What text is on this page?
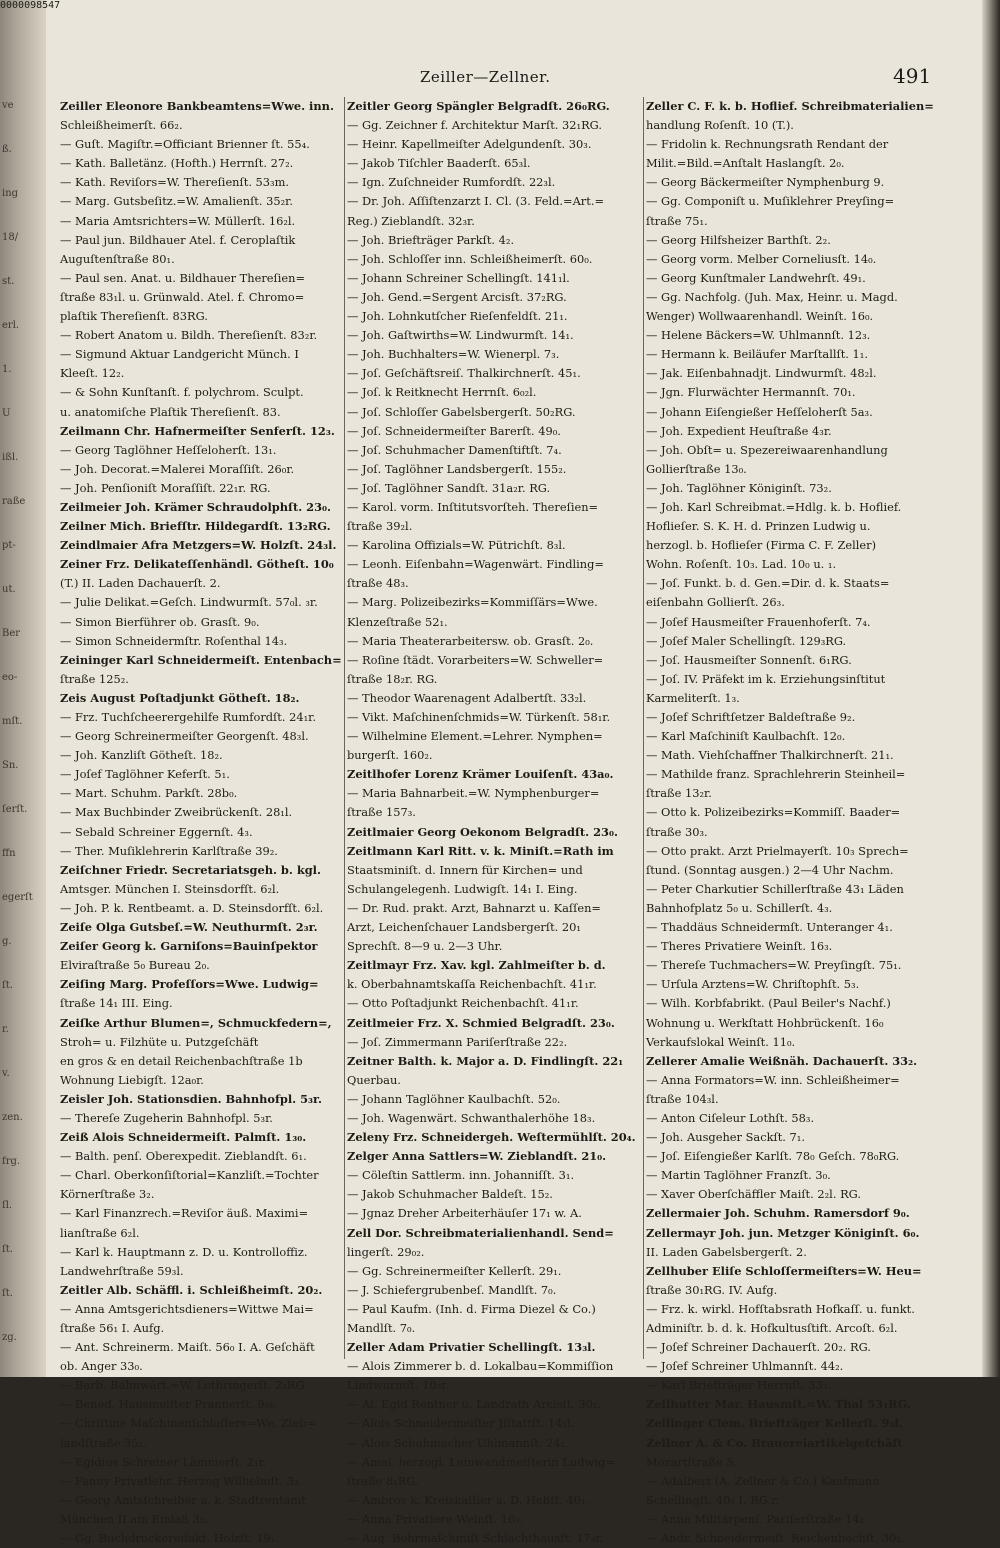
ve
ß.
ing
18/
st.
erl.
1.
U
ißl.
raße
pt-
ut.
Ber
eo-
mſt.
Sn.
ſerſt.
ffn
egerſt
g.
ſt.
r.
v.
zen.
frg.
ſl.
ſt.
ſt.
zg.
0000098547
Zeiller—Zellner.	491
Zeiller Eleonore Bankbeamtens=Wwe. inn.
Schleißheimerſt. 66₂.
— Guſt. Magiſtr.=Officiant Brienner ſt. 55₄.
— Kath. Balletänz. (Hofth.) Herrnſt. 27₂.
— Kath. Reviſors=W. Thereſienſt. 53₃m.
— Marg. Gutsbeſitz.=W. Amalienſt. 35₂r.
— Maria Amtsrichters=W. Müllerſt. 16₂l.
— Paul jun. Bildhauer Atel. f. Ceroplaſtik
Auguſtenſtraße 80₁.
— Paul sen. Anat. u. Bildhauer Thereſien=
ſtraße 83₁l. u. Grünwald. Atel. f. Chromo=
plaſtik Thereſienſt. 83RG.
— Robert Anatom u. Bildh. Thereſienſt. 83₂r.
— Sigmund Aktuar Landgericht Münch. I
Kleeſt. 12₂.
— & Sohn Kunſtanſt. f. polychrom. Sculpt.
u. anatomiſche Plaſtik Thereſienſt. 83.
Zeilmann Chr. Hafnermeiſter Senferſt. 12₃.
— Georg Taglöhner Heſſeloherſt. 13₁.
— Joh. Decorat.=Malerei Moraſſiſt. 26₀r.
— Joh. Penſioniſt Moraſſiſt. 22₁r. RG.
Zeilmeier Joh. Krämer Schraudolphſt. 23₀.
Zeilner Mich. Briefſtr. Hildegardſt. 13₂RG.
Zeindlmaier Afra Metzgers=W. Holzſt. 24₃l.
Zeiner Frz. Delikateſſenhändl. Götheſt. 10₀
(T.) II. Laden Dachauerſt. 2.
— Julie Delikat.=Geſch. Lindwurmſt. 57₀l. ₃r.
— Simon Bierführer ob. Grasſt. 9₀.
— Simon Schneidermſtr. Roſenthal 14₃.
Zeininger Karl Schneidermeiſt. Entenbach=
ſtraße 125₂.
Zeis August Poſtadjunkt Götheſt. 18₂.
— Frz. Tuchſcheerergehilfe Rumfordſt. 24₁r.
— Georg Schreinermeiſter Georgenſt. 48₃l.
— Joh. Kanzliſt Götheſt. 18₂.
— Joſef Taglöhner Keferſt. 5₁.
— Mart. Schuhm. Parkſt. 28b₀.
— Max Buchbinder Zweibrückenſt. 28₁l.
— Sebald Schreiner Eggernſt. 4₃.
— Ther. Muſiklehrerin Karlſtraße 39₂.
Zeiſchner Friedr. Secretariatsgeh. b. kgl.
Amtsger. München I. Steinsdorfſt. 6₂l.
— Joh. P. k. Rentbeamt. a. D. Steinsdorfſt. 6₂l.
Zeiſe Olga Gutsbeſ.=W. Neuthurmſt. 2₃r.
Zeiſer Georg k. Garniſons=Bauinſpektor
Elviraſtraße 5₀ Bureau 2₀.
Zeiſing Marg. Profeſſors=Wwe. Ludwig=
ſtraße 14₁ III. Eing.
Zeiſke Arthur Blumen=, Schmuckfedern=,
Stroh= u. Filzhüte u. Putzgeſchäft
en gros & en detail Reichenbachſtraße 1b
Wohnung Liebigſt. 12a₀r.
Zeisler Joh. Stationsdien. Bahnhofpl. 5₃r.
— Thereſe Zugeherin Bahnhofpl. 5₃r.
Zeiß Alois Schneidermeiſt. Palmſt. 1₃₀.
— Balth. penſ. Oberexpedit. Zieblandſt. 6₁.
— Charl. Oberkonſiſtorial=Kanzliſt.=Tochter
Körnerſtraße 3₂.
— Karl Finanzrech.=Reviſor äuß. Maximi=
lianſtraße 6₂l.
— Karl k. Hauptmann z. D. u. Kontrolloffiz.
Landwehrſtraße 59₃l.
Zeitler Alb. Schäffl. i. Schleißheimſt. 20₂.
— Anna Amtsgerichtsdieners=Wittwe Mai=
ſtraße 56₁ I. Aufg.
— Ant. Schreinerm. Maiſt. 56₀ I. A. Geſchäft
ob. Anger 33₀.
— Barb. Bahnwärt.=W. Lothringerſt. 2₃RG.
— Bened. Hausmeiſter Prannerſt. 9₀₄.
— Chriſtine Maſchinenſchloſſers=We. Zieb=
landſtraße 35₂.
— Egidius Schreiner Lämmerſt. 2₁r.
— Fanny Privatlehr. Herzog Wilhelmſt. 3₃.
— Georg Amtsſchreiber a. k. Stadtrentamt
München II am Einlaß 3₃.
— Gg. Buchdruckereifakt. Holzſt. 19₁.
Zeitler Georg Spängler Belgradſt. 26₀RG.
— Gg. Zeichner f. Architektur Marſt. 32₁RG.
— Heinr. Kapellmeiſter Adelgundenſt. 30₃.
— Jakob Tiſchler Baaderſt. 65₃l.
— Ign. Zuſchneider Rumfordſt. 22₃l.
— Dr. Joh. Aſſiſtenzarzt I. Cl. (3. Feld.=Art.=
Reg.) Zieblandſt. 32₃r.
— Joh. Briefträger Parkſt. 4₂.
— Joh. Schloſſer inn. Schleißheimerſt. 60₀.
— Johann Schreiner Schellingſt. 141₁l.
— Joh. Gend.=Sergent Arcisſt. 37₂RG.
— Joh. Lohnkutſcher Rieſenfeldſt. 21₁.
— Joh. Gaſtwirths=W. Lindwurmſt. 14₁.
— Joh. Buchhalters=W. Wienerpl. 7₃.
— Joſ. Geſchäftsreiſ. Thalkirchnerſt. 45₁.
— Joſ. k Reitknecht Herrnſt. 6₀₂l.
— Joſ. Schloſſer Gabelsbergerſt. 50₂RG.
— Joſ. Schneidermeiſter Barerſt. 49₀.
— Joſ. Schuhmacher Damenſtiftſt. 7₄.
— Joſ. Taglöhner Landsbergerſt. 155₂.
— Joſ. Taglöhner Sandſt. 31a₂r. RG.
— Karol. vorm. Inſtitutsvorſteh. Thereſien=
ſtraße 39₂l.
— Karolina Offizials=W. Pütrichſt. 8₃l.
— Leonh. Eiſenbahn=Wagenwärt. Findling=
ſtraße 48₃.
— Marg. Polizeibezirks=Kommiſſärs=Wwe.
Klenzeſtraße 52₁.
— Maria Theaterarbeitersw. ob. Grasſt. 2₀.
— Roſine ſtädt. Vorarbeiters=W. Schweller=
ſtraße 18₂r. RG.
— Theodor Waarenagent Adalbertſt. 33₂l.
— Vikt. Maſchinenſchmids=W. Türkenſt. 58₁r.
— Wilhelmine Element.=Lehrer. Nymphen=
burgerſt. 160₂.
Zeitlhofer Lorenz Krämer Louiſenſt. 43a₀.
— Maria Bahnarbeit.=W. Nymphenburger=
ſtraße 157₃.
Zeitlmaier Georg Oekonom Belgradſt. 23₀.
Zeitlmann Karl Ritt. v. k. Miniſt.=Rath im
Staatsminiſt. d. Innern für Kirchen= und
Schulangelegenh. Ludwigſt. 14₁ I. Eing.
— Dr. Rud. prakt. Arzt, Bahnarzt u. Kaſſen=
Arzt, Leichenſchauer Landsbergerſt. 20₁
Sprechſt. 8—9 u. 2—3 Uhr.
Zeitlmayr Frz. Xav. kgl. Zahlmeiſter b. d.
k. Oberbahnamtskaſſa Reichenbachſt. 41₁r.
— Otto Poſtadjunkt Reichenbachſt. 41₁r.
Zeitlmeier Frz. X. Schmied Belgradſt. 23₀.
— Joſ. Zimmermann Pariſerſtraße 22₂.
Zeitner Balth. k. Major a. D. Findlingſt. 22₁
Querbau.
— Johann Taglöhner Kaulbachſt. 52₀.
— Joh. Wagenwärt. Schwanthalerhöhe 18₃.
Zeleny Frz. Schneidergeh. Weſtermühlſt. 20₄.
Zelger Anna Sattlers=W. Zieblandſt. 21₀.
— Cöleſtin Sattlerm. inn. Johanniſſt. 3₁.
— Jakob Schuhmacher Baldeſt. 15₂.
— Jgnaz Dreher Arbeiterhäuſer 17₁ w. A.
Zell Dor. Schreibmaterialienhandl. Send=
lingerſt. 29₀₂.
— Gg. Schreinermeiſter Kellerſt. 29₁.
— J. Schiefergrubenbeſ. Mandlſt. 7₀.
— Paul Kaufm. (Inh. d. Firma Diezel & Co.)
Mandlſt. 7₀.
Zeller Adam Privatier Schellingſt. 13₃l.
— Alois Zimmerer b. d. Lokalbau=Kommiſſion
Lindwurmſt. 10₃r.
— Al. Egid Rentner u. Landrath Arcisſt. 30₂.
— Alois Schneidermeiſter Jſſtattſt. 14₂l.
— Alois Schuhmacher Uhlmannſt. 24₁.
— Amal. herzogl. Leinwandmeiſterin Ludwig=
ſtraße 8₁RG.
— Ambros k. Kreiskaſſier a. D. Heßſt. 40₁.
— Anna Privatiere Weinſt. 16₃.
— Aug. Bohrmaſchiniſt Schlachthausſt. 17₃r.
Zeller C. F. k. b. Hoflief. Schreibmaterialien=
handlung Roſenſt. 10 (T.).
— Fridolin k. Rechnungsrath Rendant der
Milit.=Bild.=Anſtalt Haslangſt. 2₀.
— Georg Bäckermeiſter Nymphenburg 9.
— Gg. Componiſt u. Muſiklehrer Preyſing=
ſtraße 75₁.
— Georg Hilfsheizer Barthſt. 2₂.
— Georg vorm. Melber Corneliusſt. 14₀.
— Georg Kunſtmaler Landwehrſt. 49₁.
— Gg. Nachfolg. (Juh. Max, Heinr. u. Magd.
Wenger) Wollwaarenhandl. Weinſt. 16₀.
— Helene Bäckers=W. Uhlmannſt. 12₃.
— Hermann k. Beiläufer Marſtallſt. 1₁.
— Jak. Eiſenbahnadjt. Lindwurmſt. 48₂l.
— Jgn. Flurwächter Hermannſt. 70₁.
— Johann Eiſengießer Heſſeloherſt 5a₃.
— Joh. Expedient Heuſtraße 4₃r.
— Joh. Obſt= u. Spezereiwaarenhandlung
Gollierſtraße 13₀.
— Joh. Taglöhner Königinſt. 73₂.
— Joh. Karl Schreibmat.=Hdlg. k. b. Hoflief.
Hoflieſer. S. K. H. d. Prinzen Ludwig u.
herzogl. b. Hoflieſer (Firma C. F. Zeller)
Wohn. Roſenſt. 10₃. Lad. 10₀ u. ₁.
— Joſ. Funkt. b. d. Gen.=Dir. d. k. Staats=
eiſenbahn Gollierſt. 26₃.
— Joſef Hausmeiſter Frauenhoferſt. 7₄.
— Joſef Maler Schellingſt. 129₃RG.
— Joſ. Hausmeiſter Sonnenſt. 6₁RG.
— Joſ. IV. Präfekt im k. Erziehungsinſtitut
Karmeliterſt. 1₃.
— Joſef Schriftſetzer Baldeſtraße 9₂.
— Karl Maſchiniſt Kaulbachſt. 12₀.
— Math. Viehſchaffner Thalkirchnerſt. 21₁.
— Mathilde franz. Sprachlehrerin Steinheil=
ſtraße 13₂r.
— Otto k. Polizeibezirks=Kommiſſ. Baader=
ſtraße 30₃.
— Otto prakt. Arzt Prielmayerſt. 10₃ Sprech=
ſtund. (Sonntag ausgen.) 2—4 Uhr Nachm.
— Peter Charkutier Schillerſtraße 43₁ Läden
Bahnhofplatz 5₀ u. Schillerſt. 4₃.
— Thaddäus Schneidermſt. Unteranger 4₁.
— Theres Privatiere Weinſt. 16₃.
— Thereſe Tuchmachers=W. Preyſingſt. 75₁.
— Urſula Arztens=W. Chriſtophſt. 5₃.
— Wilh. Korbfabrikt. (Paul Beiler's Nachf.)
Wohnung u. Werkſtatt Hohbrückenſt. 16₀
Verkaufslokal Weinſt. 11₀.
Zellerer Amalie Weißnäh. Dachauerſt. 33₂.
— Anna Formators=W. inn. Schleißheimer=
ſtraße 104₃l.
— Anton Ciſeleur Lothſt. 58₃.
— Joh. Ausgeher Sackſt. 7₁.
— Joſ. Eiſengießer Karlſt. 78₀ Geſch. 78₀RG.
— Martin Taglöhner Franzſt. 3₀.
— Xaver Oberſchäffler Maiſt. 2₂l. RG.
Zellermaier Joh. Schuhm. Ramersdorf 9₀.
Zellermayr Joh. jun. Metzger Königinſt. 6₀.
II. Laden Gabelsbergerſt. 2.
Zellhuber Eliſe Schloſſermeiſters=W. Heu=
ſtraße 30₁RG. IV. Aufg.
— Frz. k. wirkl. Hofſtabsrath Hofkaſſ. u. funkt.
Adminiſtr. b. d. k. Hofkultusſtift. Arcoſt. 6₂l.
— Joſef Schreiner Dachauerſt. 20₂. RG.
— Joſef Schreiner Uhlmannſt. 44₂.
— Karl Briefträger Herrnſt. 33₃.
Zellhutter Mar. Hausmſt.=W. Thal 53₁RG.
Zellinger Clem. Briefträger Kellerſt. 9₃l.
Zellner A. & Co. Brauereiartikelgeſchäft
Mozartſtraße 5.
— Adalbert (A. Zellner & Co.) Kaufmann
Schellingſt. 40₂ I. RG.r.
— Anna Militärpenſ. Pariſerſtraße 14₂.
— Andr. Schneidermeiſt. Reichenbachſt. 30₃.
